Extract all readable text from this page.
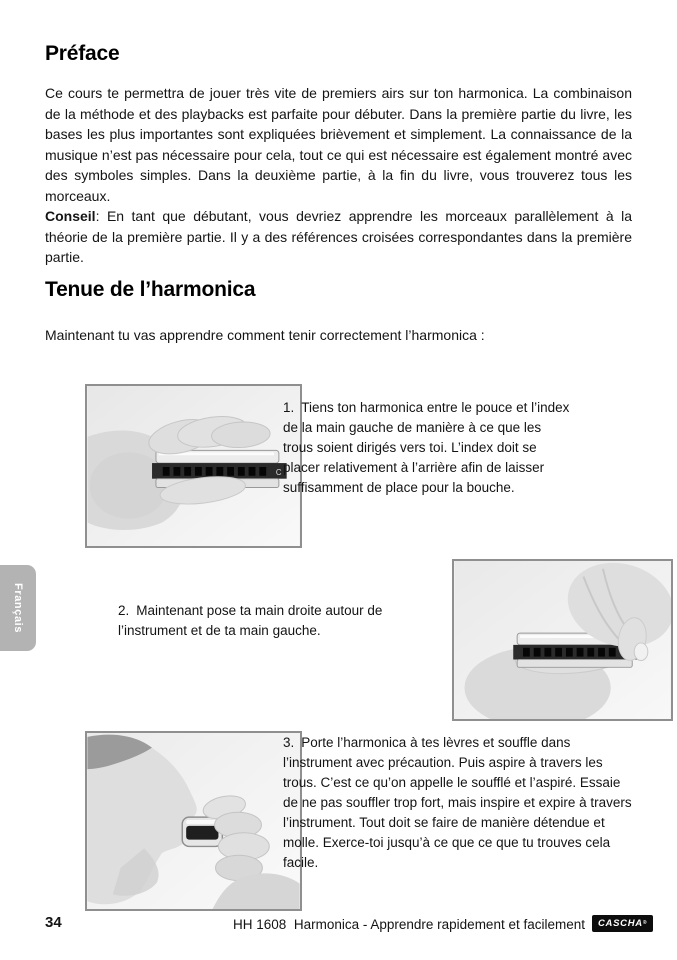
Préface

Ce cours te permettra de jouer très vite de premiers airs sur ton harmonica. La combinaison de la méthode et des playbacks est parfaite pour débuter. Dans la première partie du livre, les bases les plus importantes sont expliquées brièvement et simplement. La connaissance de la musique n’est pas nécessaire pour cela, tout ce qui est nécessaire est également montré avec des symboles simples. Dans la deuxième partie, à la fin du livre, vous trouverez tous les morceaux.

Conseil: En tant que débutant, vous devriez apprendre les morceaux parallèlement à la théorie de la première partie. Il y a des références croisées correspondantes dans la première partie.

Tenue de l’harmonica

Maintenant tu vas apprendre comment tenir correctement l’harmonica :

C

1. Tiens ton harmonica entre le pouce et l’index de la main gauche de manière à ce que les trous soient dirigés vers toi. L’index doit se placer relativement à l’arrière afin de laisser suffisamment de place pour la bouche.

2. Maintenant pose ta main droite autour de l’instrument et de ta main gauche.

3. Porte l’harmonica à tes lèvres et souffle dans l’instrument avec précaution. Puis aspire à travers les trous. C’est ce qu’on appelle le soufflé et l’aspiré. Essaie de ne pas souffler trop fort, mais inspire et expire à travers l’instrument. Tout doit se faire de manière détendue et molle. Exerce-toi jusqu’à ce que ce que tu trouves cela facile.

Français
34	HH 1608 Harmonica - Apprendre rapidement et facilement	CASCHA®
